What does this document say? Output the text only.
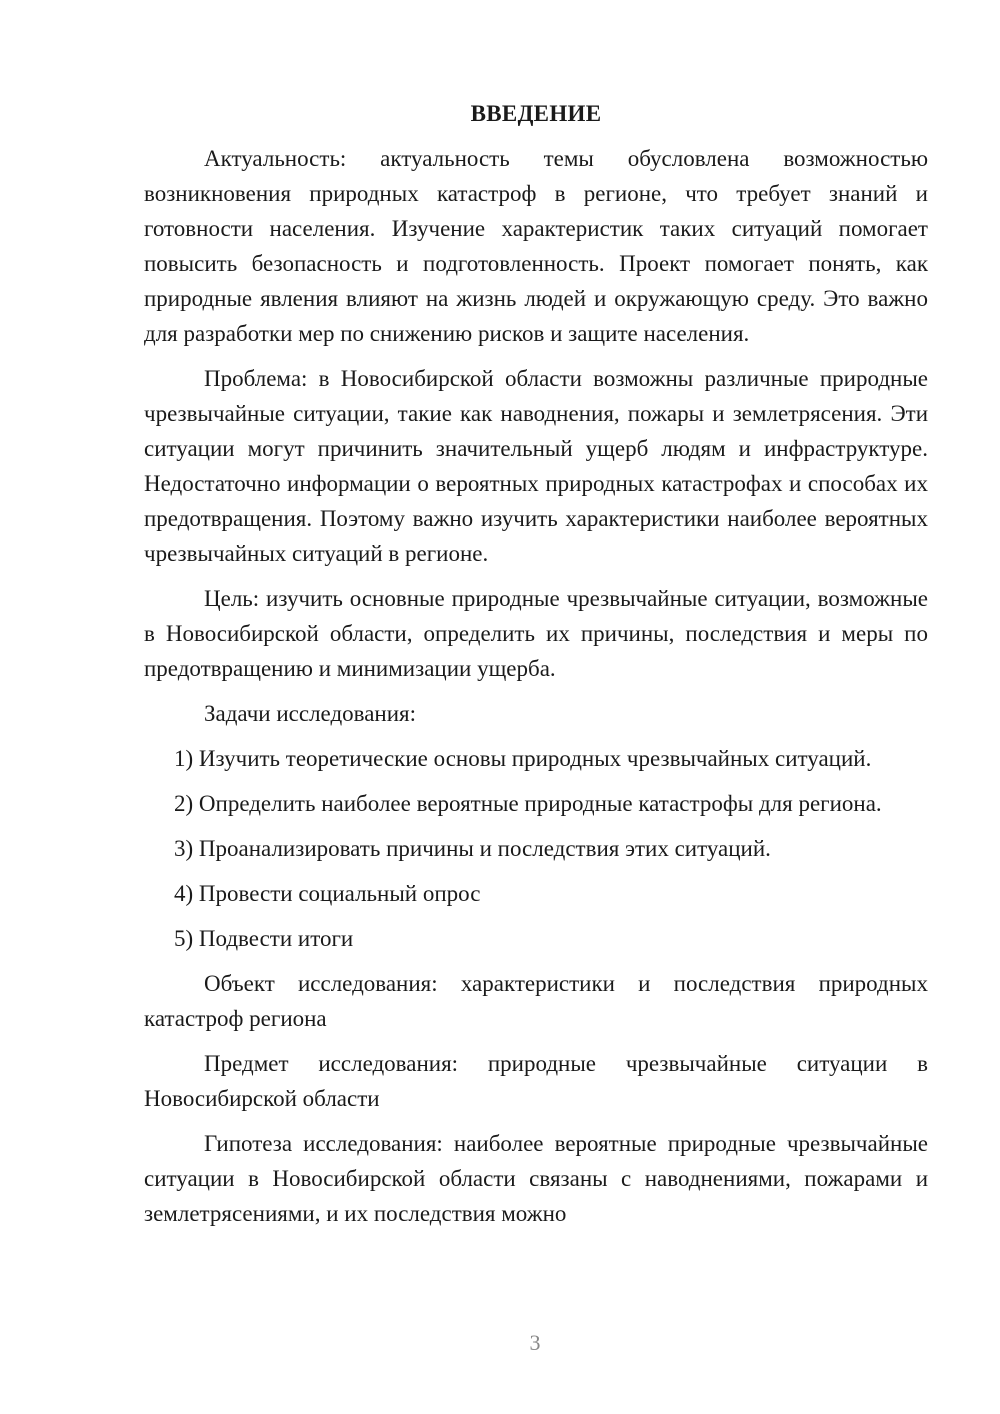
ВВЕДЕНИЕ

Актуальность: актуальность темы обусловлена возможностью возникновения природных катастроф в регионе, что требует знаний и готовности населения. Изучение характеристик таких ситуаций помогает повысить безопасность и подготовленность. Проект помогает понять, как природные явления влияют на жизнь людей и окружающую среду. Это важно для разработки мер по снижению рисков и защите населения.

Проблема: в Новосибирской области возможны различные природные чрезвычайные ситуации, такие как наводнения, пожары и землетрясения. Эти ситуации могут причинить значительный ущерб людям и инфраструктуре. Недостаточно информации о вероятных природных катастрофах и способах их предотвращения. Поэтому важно изучить характеристики наиболее вероятных чрезвычайных ситуаций в регионе.

Цель: изучить основные природные чрезвычайные ситуации, возможные в Новосибирской области, определить их причины, последствия и меры по предотвращению и минимизации ущерба.

Задачи исследования:

1) Изучить теоретические основы природных чрезвычайных ситуаций.

2) Определить наиболее вероятные природные катастрофы для региона.

3) Проанализировать причины и последствия этих ситуаций.

4) Провести социальный опрос

5) Подвести итоги

Объект исследования: характеристики и последствия природных катастроф региона

Предмет исследования: природные чрезвычайные ситуации в Новосибирской области

Гипотеза исследования: наиболее вероятные природные чрезвычайные ситуации в Новосибирской области связаны с наводнениями, пожарами и землетрясениями, и их последствия можно

3
